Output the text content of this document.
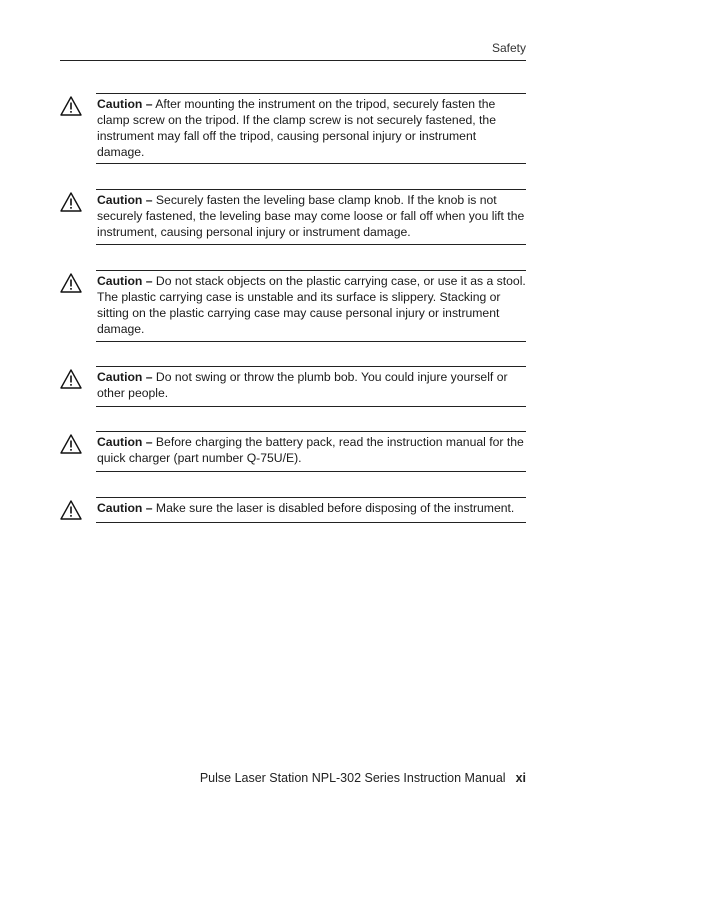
Safety
Caution – After mounting the instrument on the tripod, securely fasten the clamp screw on the tripod. If the clamp screw is not securely fastened, the instrument may fall off the tripod, causing personal injury or instrument damage.
Caution – Securely fasten the leveling base clamp knob. If the knob is not securely fastened, the leveling base may come loose or fall off when you lift the instrument, causing personal injury or instrument damage.
Caution – Do not stack objects on the plastic carrying case, or use it as a stool. The plastic carrying case is unstable and its surface is slippery. Stacking or sitting on the plastic carrying case may cause personal injury or instrument damage.
Caution – Do not swing or throw the plumb bob. You could injure yourself or other people.
Caution – Before charging the battery pack, read the instruction manual for the quick charger (part number Q-75U/E).
Caution – Make sure the laser is disabled before disposing of the instrument.
Pulse Laser Station NPL-302 Series Instruction Manual xi
